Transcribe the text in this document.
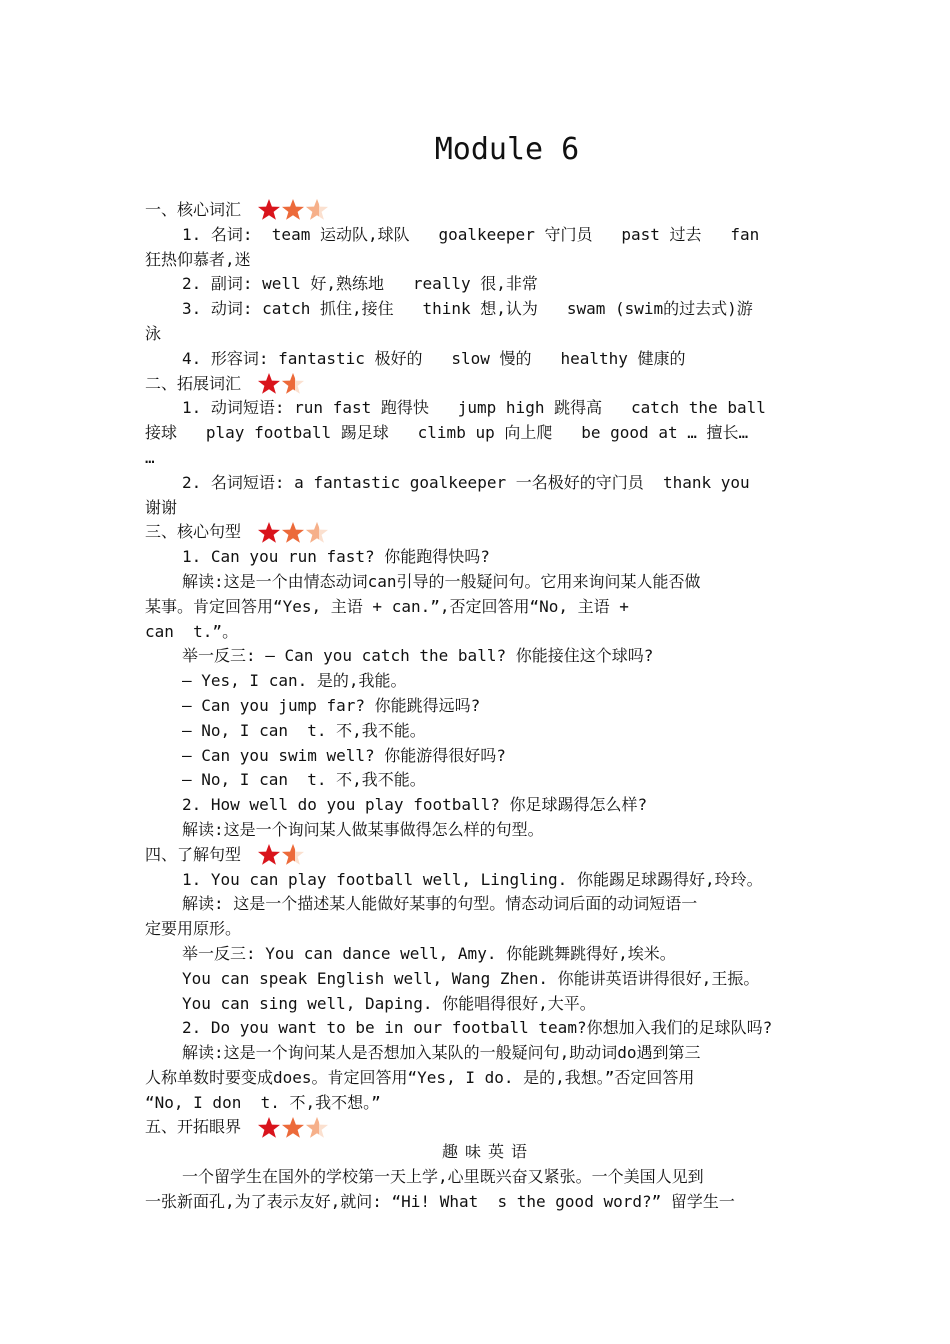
Module 6
一、核心词汇
1. 名词:  team 运动队,球队   goalkeeper 守门员   past 过去   fan
狂热仰慕者,迷
2. 副词: well 好,熟练地   really 很,非常
3. 动词: catch 抓住,接住   think 想,认为   swam (swim的过去式)游
泳
4. 形容词: fantastic 极好的   slow 慢的   healthy 健康的
二、拓展词汇
1. 动词短语: run fast 跑得快   jump high 跳得高   catch the ball
接球   play football 踢足球   climb up 向上爬   be good at … 擅长…
…
2. 名词短语: a fantastic goalkeeper 一名极好的守门员  thank you
谢谢
三、核心句型
1. Can you run fast? 你能跑得快吗?
解读:这是一个由情态动词can引导的一般疑问句。它用来询问某人能否做
某事。肯定回答用“Yes, 主语 + can.”,否定回答用“No, 主语 +
can  t.”。
举一反三: — Can you catch the ball? 你能接住这个球吗?
— Yes, I can. 是的,我能。
— Can you jump far? 你能跳得远吗?
— No, I can  t. 不,我不能。
— Can you swim well? 你能游得很好吗?
— No, I can  t. 不,我不能。
2. How well do you play football? 你足球踢得怎么样?
解读:这是一个询问某人做某事做得怎么样的句型。
四、了解句型
1. You can play football well, Lingling. 你能踢足球踢得好,玲玲。
解读: 这是一个描述某人能做好某事的句型。情态动词后面的动词短语一
定要用原形。
举一反三: You can dance well, Amy. 你能跳舞跳得好,埃米。
You can speak English well, Wang Zhen. 你能讲英语讲得很好,王振。
You can sing well, Daping. 你能唱得很好,大平。
2. Do you want to be in our football team?你想加入我们的足球队吗?
解读:这是一个询问某人是否想加入某队的一般疑问句,助动词do遇到第三
人称单数时要变成does。肯定回答用“Yes, I do. 是的,我想。”否定回答用
“No, I don  t. 不,我不想。”
五、开拓眼界
趣味英语
一个留学生在国外的学校第一天上学,心里既兴奋又紧张。一个美国人见到
一张新面孔,为了表示友好,就问: “Hi! What  s the good word?” 留学生一
